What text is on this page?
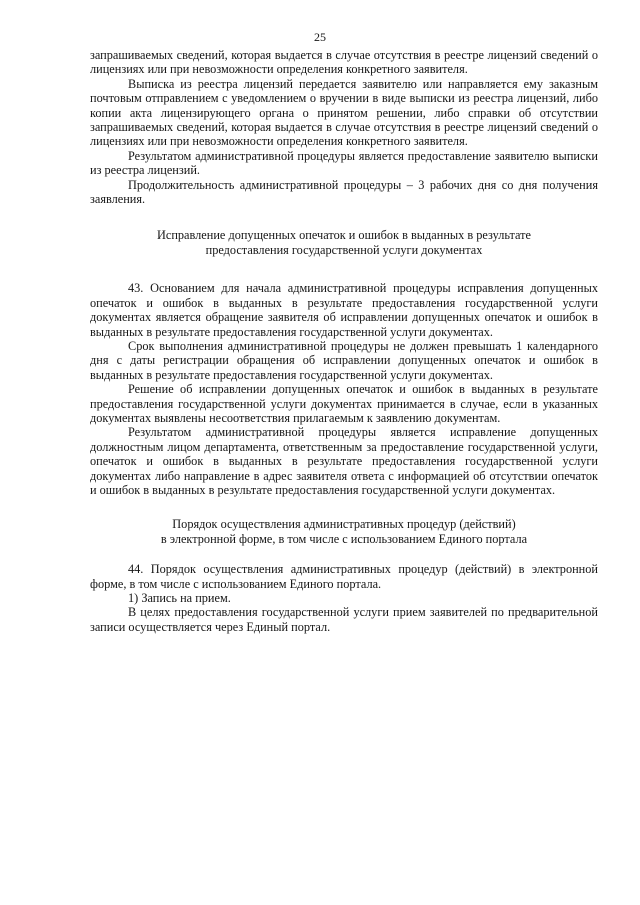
25

запрашиваемых сведений, которая выдается в случае отсутствия в реестре лицензий сведений о лицензиях или при невозможности определения конкретного заявителя.

Выписка из реестра лицензий передается заявителю или направляется ему заказным почтовым отправлением с уведомлением о вручении в виде выписки из реестра лицензий, либо копии акта лицензирующего органа о принятом решении, либо справки об отсутствии запрашиваемых сведений, которая выдается в случае отсутствия в реестре лицензий сведений о лицензиях или при невозможности определения конкретного заявителя.

Результатом административной процедуры является предоставление заявителю выписки из реестра лицензий.

Продолжительность административной процедуры – 3 рабочих дня со дня получения заявления.

Исправление допущенных опечаток и ошибок в выданных в результате
предоставления государственной услуги документах

43. Основанием для начала административной процедуры исправления допущенных опечаток и ошибок в выданных в результате предоставления государственной услуги документах является обращение заявителя об исправлении допущенных опечаток и ошибок в выданных в результате предоставления государственной услуги документах.

Срок выполнения административной процедуры не должен превышать 1 календарного дня с даты регистрации обращения об исправлении допущенных опечаток и ошибок в выданных в результате предоставления государственной услуги документах.

Решение об исправлении допущенных опечаток и ошибок в выданных в результате предоставления государственной услуги документах принимается в случае, если в указанных документах выявлены несоответствия прилагаемым к заявлению документам.

Результатом административной процедуры является исправление допущенных должностным лицом департамента, ответственным за предоставление государственной услуги, опечаток и ошибок в выданных в результате предоставления государственной услуги документах либо направление в адрес заявителя ответа с информацией об отсутствии опечаток и ошибок в выданных в результате предоставления государственной услуги документах.

Порядок осуществления административных процедур (действий)
в электронной форме, в том числе с использованием Единого портала

44. Порядок осуществления административных процедур (действий) в электронной форме, в том числе с использованием Единого портала.

1) Запись на прием.

В целях предоставления государственной услуги прием заявителей по предварительной записи осуществляется через Единый портал.
